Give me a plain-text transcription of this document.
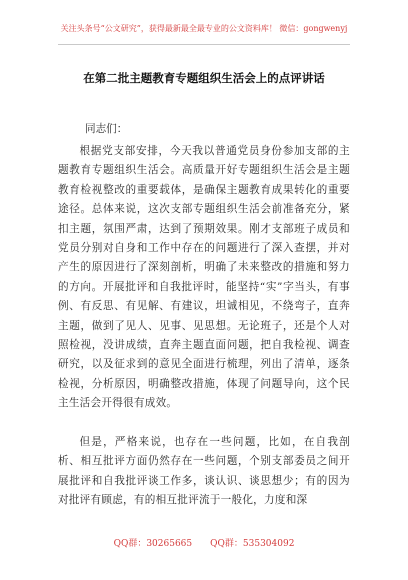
关注头条号“公文研究”，获得最新最全最专业的公文资料库！ 微信：gongwenyj
在第二批主题教育专题组织生活会上的点评讲话
同志们：

根据党支部安排，今天我以普通党员身份参加支部的主题教育专题组织生活会。高质量开好专题组织生活会是主题教育检视整改的重要载体，是确保主题教育成果转化的重要途径。总体来说，这次支部专题组织生活会前准备充分，紧扣主题，氛围严肃，达到了预期效果。刚才支部班子成员和党员分别对自身和工作中存在的问题进行了深入查摆，并对产生的原因进行了深刻剖析，明确了未来整改的措施和努力的方向。开展批评和自我批评时，能坚持“实”字当头，有事例、有反思、有见解、有建议，坦诚相见，不绕弯子，直奔主题，做到了见人、见事、见思想。无论班子，还是个人对照检视，没讲成绩，直奔主题直面问题，把自我检视、调查研究，以及征求到的意见全面进行梳理，列出了清单，逐条检视，分析原因，明确整改措施，体现了问题导向，这个民主生活会开得很有成效。

但是，严格来说，也存在一些问题，比如，在自我剖析、相互批评方面仍然存在一些问题，个别支部委员之间开展批评和自我批评谈工作多，谈认识、谈思想少；有的因为对批评有顾虑，有的相互批评流于一般化，力度和深

QQ群：30265665　　QQ群：535304092
